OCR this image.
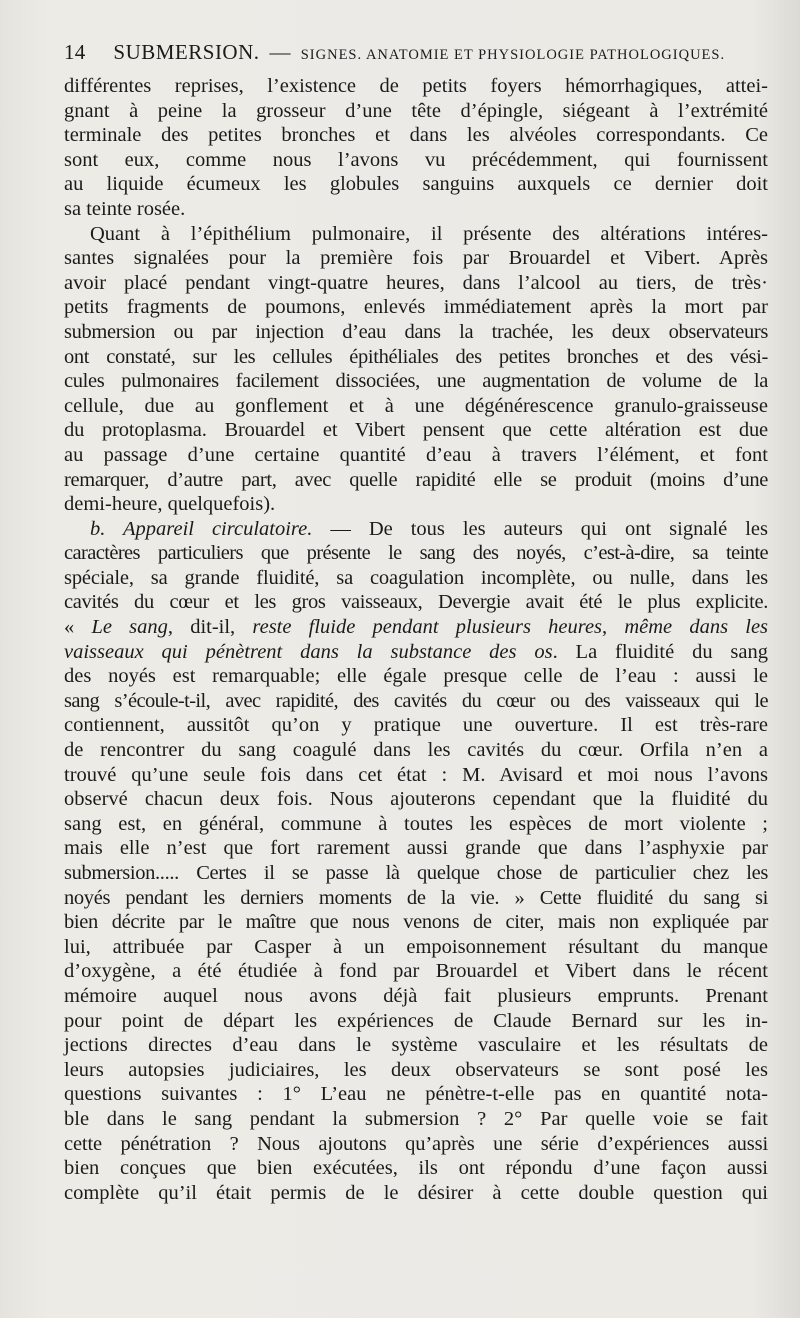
14 SUBMERSION. — SIGNES. ANATOMIE ET PHYSIOLOGIE PATHOLOGIQUES.
différentes reprises, l’existence de petits foyers hémorrhagiques, attei-
gnant à peine la grosseur d’une tête d’épingle, siégeant à l’extrémité
terminale des petites bronches et dans les alvéoles correspondants. Ce
sont eux, comme nous l’avons vu précédemment, qui fournissent
au liquide écumeux les globules sanguins auxquels ce dernier doit
sa teinte rosée.
Quant à l’épithélium pulmonaire, il présente des altérations intéres-
santes signalées pour la première fois par Brouardel et Vibert. Après
avoir placé pendant vingt-quatre heures, dans l’alcool au tiers, de très·
petits fragments de poumons, enlevés immédiatement après la mort par
submersion ou par injection d’eau dans la trachée, les deux observateurs
ont constaté, sur les cellules épithéliales des petites bronches et des vési-
cules pulmonaires facilement dissociées, une augmentation de volume de la
cellule, due au gonflement et à une dégénérescence granulo-graisseuse
du protoplasma. Brouardel et Vibert pensent que cette altération est due
au passage d’une certaine quantité d’eau à travers l’élément, et font
remarquer, d’autre part, avec quelle rapidité elle se produit (moins d’une
demi-heure, quelquefois).
b. Appareil circulatoire. — De tous les auteurs qui ont signalé les
caractères particuliers que présente le sang des noyés, c’est-à-dire, sa teinte
spéciale, sa grande fluidité, sa coagulation incomplète, ou nulle, dans les
cavités du cœur et les gros vaisseaux, Devergie avait été le plus explicite.
« Le sang, dit-il, reste fluide pendant plusieurs heures, même dans les
vaisseaux qui pénètrent dans la substance des os. La fluidité du sang
des noyés est remarquable; elle égale presque celle de l’eau : aussi le
sang s’écoule-t-il, avec rapidité, des cavités du cœur ou des vaisseaux qui le
contiennent, aussitôt qu’on y pratique une ouverture. Il est très-rare
de rencontrer du sang coagulé dans les cavités du cœur. Orfila n’en a
trouvé qu’une seule fois dans cet état : M. Avisard et moi nous l’avons
observé chacun deux fois. Nous ajouterons cependant que la fluidité du
sang est, en général, commune à toutes les espèces de mort violente ;
mais elle n’est que fort rarement aussi grande que dans l’asphyxie par
submersion..... Certes il se passe là quelque chose de particulier chez les
noyés pendant les derniers moments de la vie. » Cette fluidité du sang si
bien décrite par le maître que nous venons de citer, mais non expliquée par
lui, attribuée par Casper à un empoisonnement résultant du manque
d’oxygène, a été étudiée à fond par Brouardel et Vibert dans le récent
mémoire auquel nous avons déjà fait plusieurs emprunts. Prenant
pour point de départ les expériences de Claude Bernard sur les in-
jections directes d’eau dans le système vasculaire et les résultats de
leurs autopsies judiciaires, les deux observateurs se sont posé les
questions suivantes : 1° L’eau ne pénètre-t-elle pas en quantité nota-
ble dans le sang pendant la submersion ? 2° Par quelle voie se fait
cette pénétration ? Nous ajoutons qu’après une série d’expériences aussi
bien conçues que bien exécutées, ils ont répondu d’une façon aussi
complète qu’il était permis de le désirer à cette double question qui
